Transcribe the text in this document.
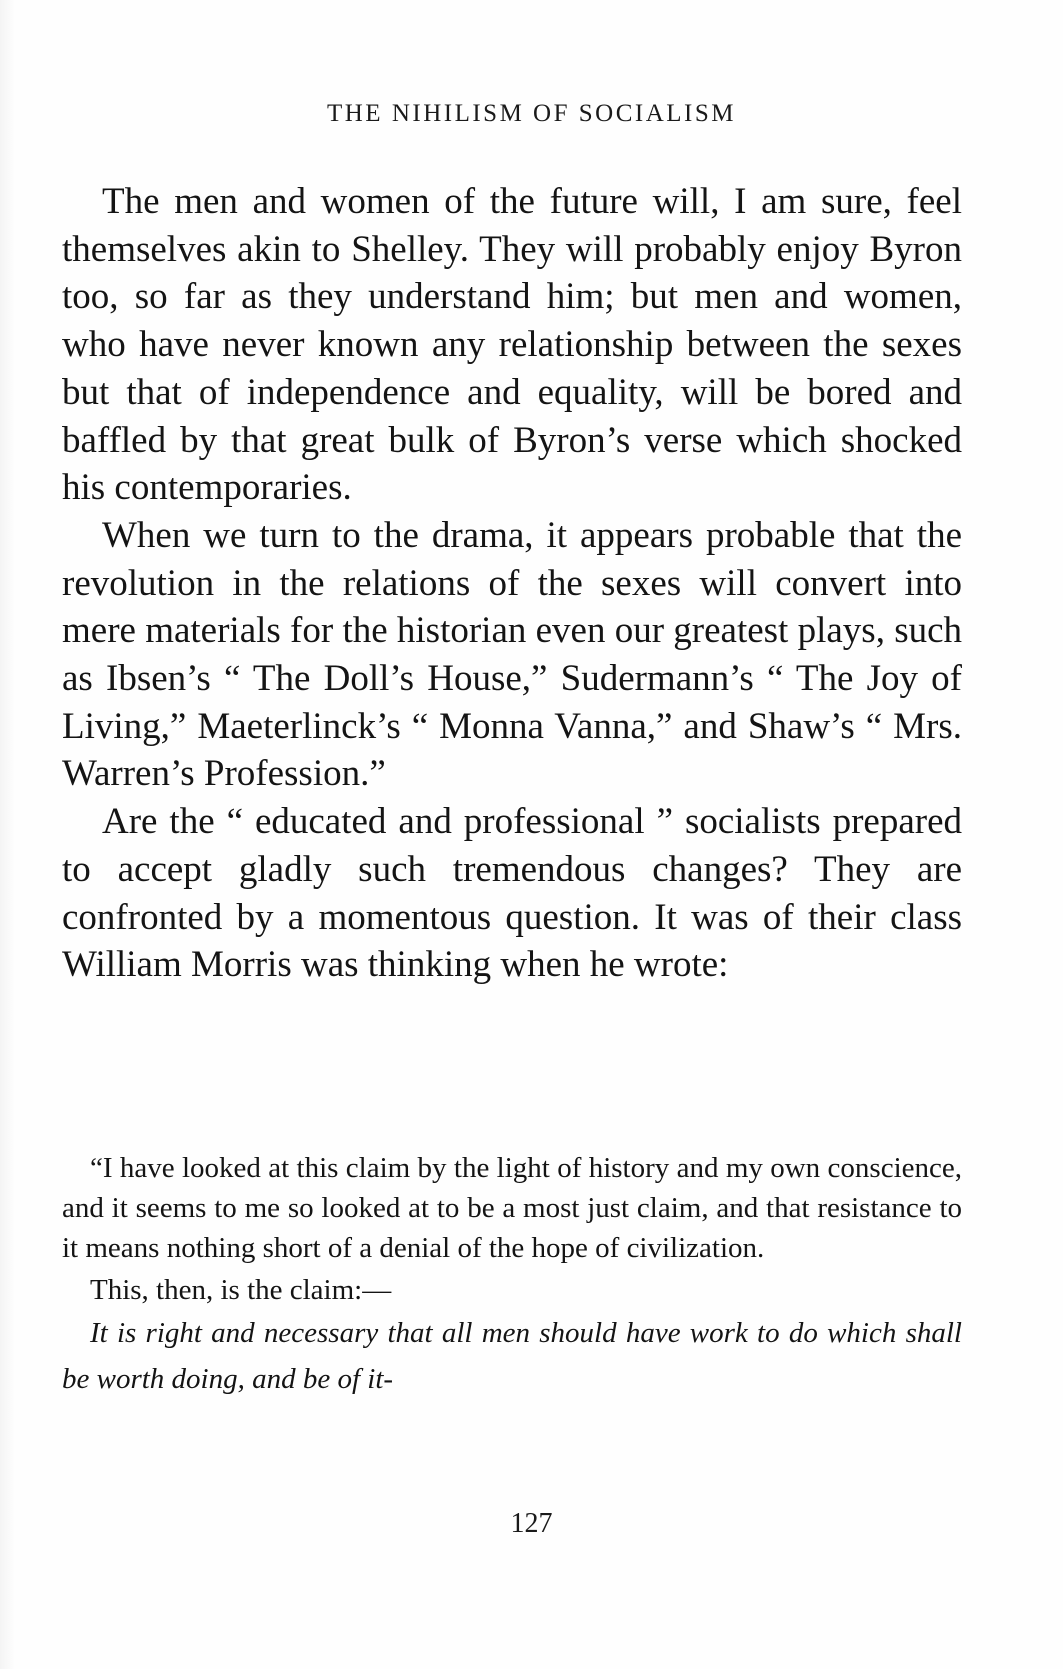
THE NIHILISM OF SOCIALISM

The men and women of the future will, I am sure, feel themselves akin to Shelley. They will probably enjoy Byron too, so far as they understand him; but men and women, who have never known any relationship between the sexes but that of independence and equality, will be bored and baffled by that great bulk of Byron’s verse which shocked his contemporaries.

When we turn to the drama, it appears probable that the revolution in the relations of the sexes will convert into mere materials for the historian even our greatest plays, such as Ibsen’s “ The Doll’s House,” Sudermann’s “ The Joy of Living,” Maeterlinck’s “ Monna Vanna,” and Shaw’s “ Mrs. Warren’s Profession.”

Are the “ educated and professional ” socialists prepared to accept gladly such tremendous changes? They are confronted by a momentous question. It was of their class William Morris was thinking when he wrote:

“I have looked at this claim by the light of history and my own conscience, and it seems to me so looked at to be a most just claim, and that resistance to it means nothing short of a denial of the hope of civilization.

This, then, is the claim:—

It is right and necessary that all men should have work to do which shall be worth doing, and be of it-

127
